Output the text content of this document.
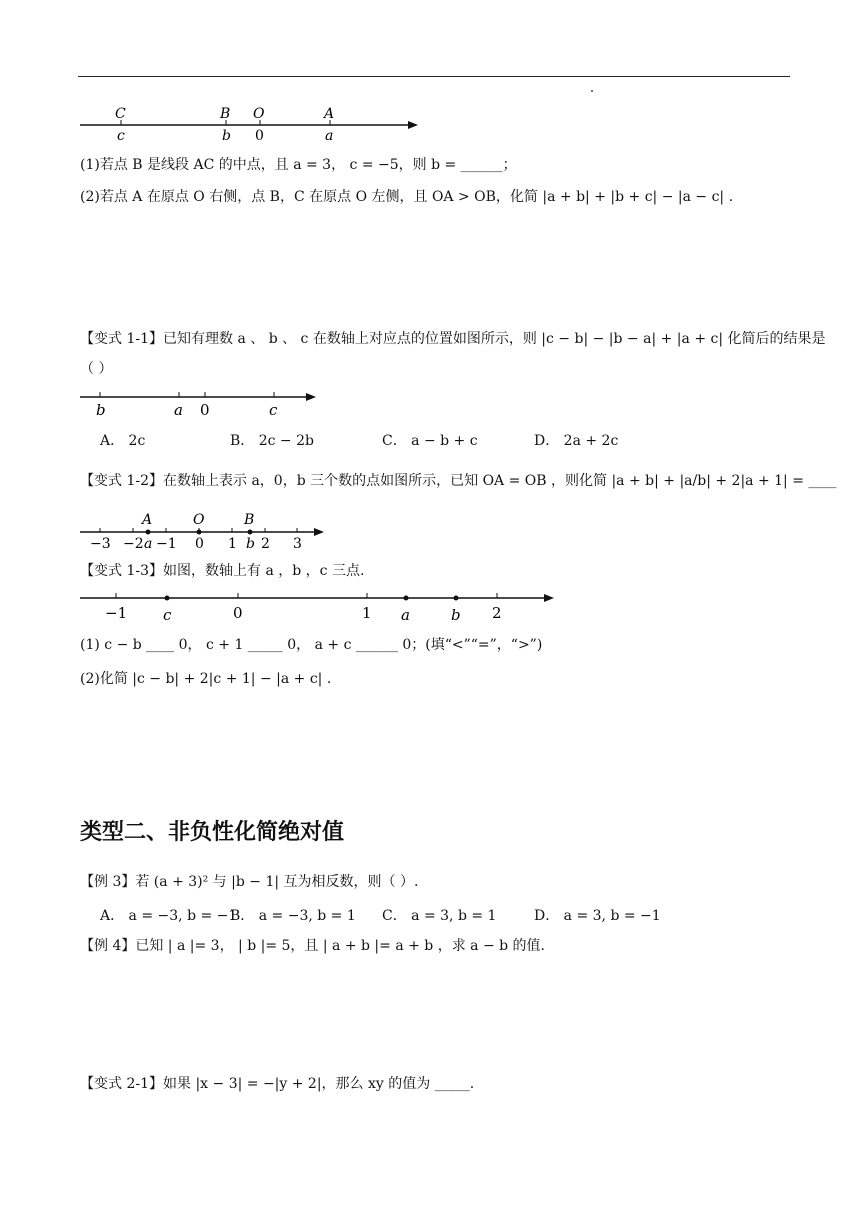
C
c
B
b
O
0
A
a
(1)若点 B 是线段 AC 的中点，且 a = 3， c = −5，则 b = ______；
(2)若点 A 在原点 O 右侧，点 B，C 在原点 O 左侧，且 OA > OB，化简 |a + b| + |b + c| − |a − c| .
【变式 1-1】已知有理数 a 、 b 、 c 在数轴上对应点的位置如图所示，则 |c − b| − |b − a| + |a + c| 化简后的结果是
（ ）
b	a 0	c
A． 2c	B． 2c − 2b	C． a − b + c	D． 2a + 2c
【变式 1-2】在数轴上表示 a，0，b 三个数的点如图所示，已知 OA = OB ，则化简 |a + b| + |a/b| + 2|a + 1| = ____
A	O	B
−3 −2 a −1 0 1 b 2 3
【变式 1-3】如图，数轴上有 a ，b ，c 三点.
−1 c	0	1 a	b 2
(1) c − b ____ 0， c + 1 _____ 0， a + c ______ 0；(填“<”“=”，“>”)
(2)化简 |c − b| + 2|c + 1| − |a + c| .
类型二、非负性化简绝对值
【例 3】若 (a + 3)² 与 |b − 1| 互为相反数，则（ ）.
A． a = −3, b = −1
B． a = −3, b = 1 C． a = 3, b = 1	D． a = 3, b = −1
【例 4】已知 | a |= 3， | b |= 5，且 | a + b |= a + b ，求 a − b 的值.
【变式 2-1】如果 |x − 3| = −|y + 2|，那么 xy 的值为 _____.
